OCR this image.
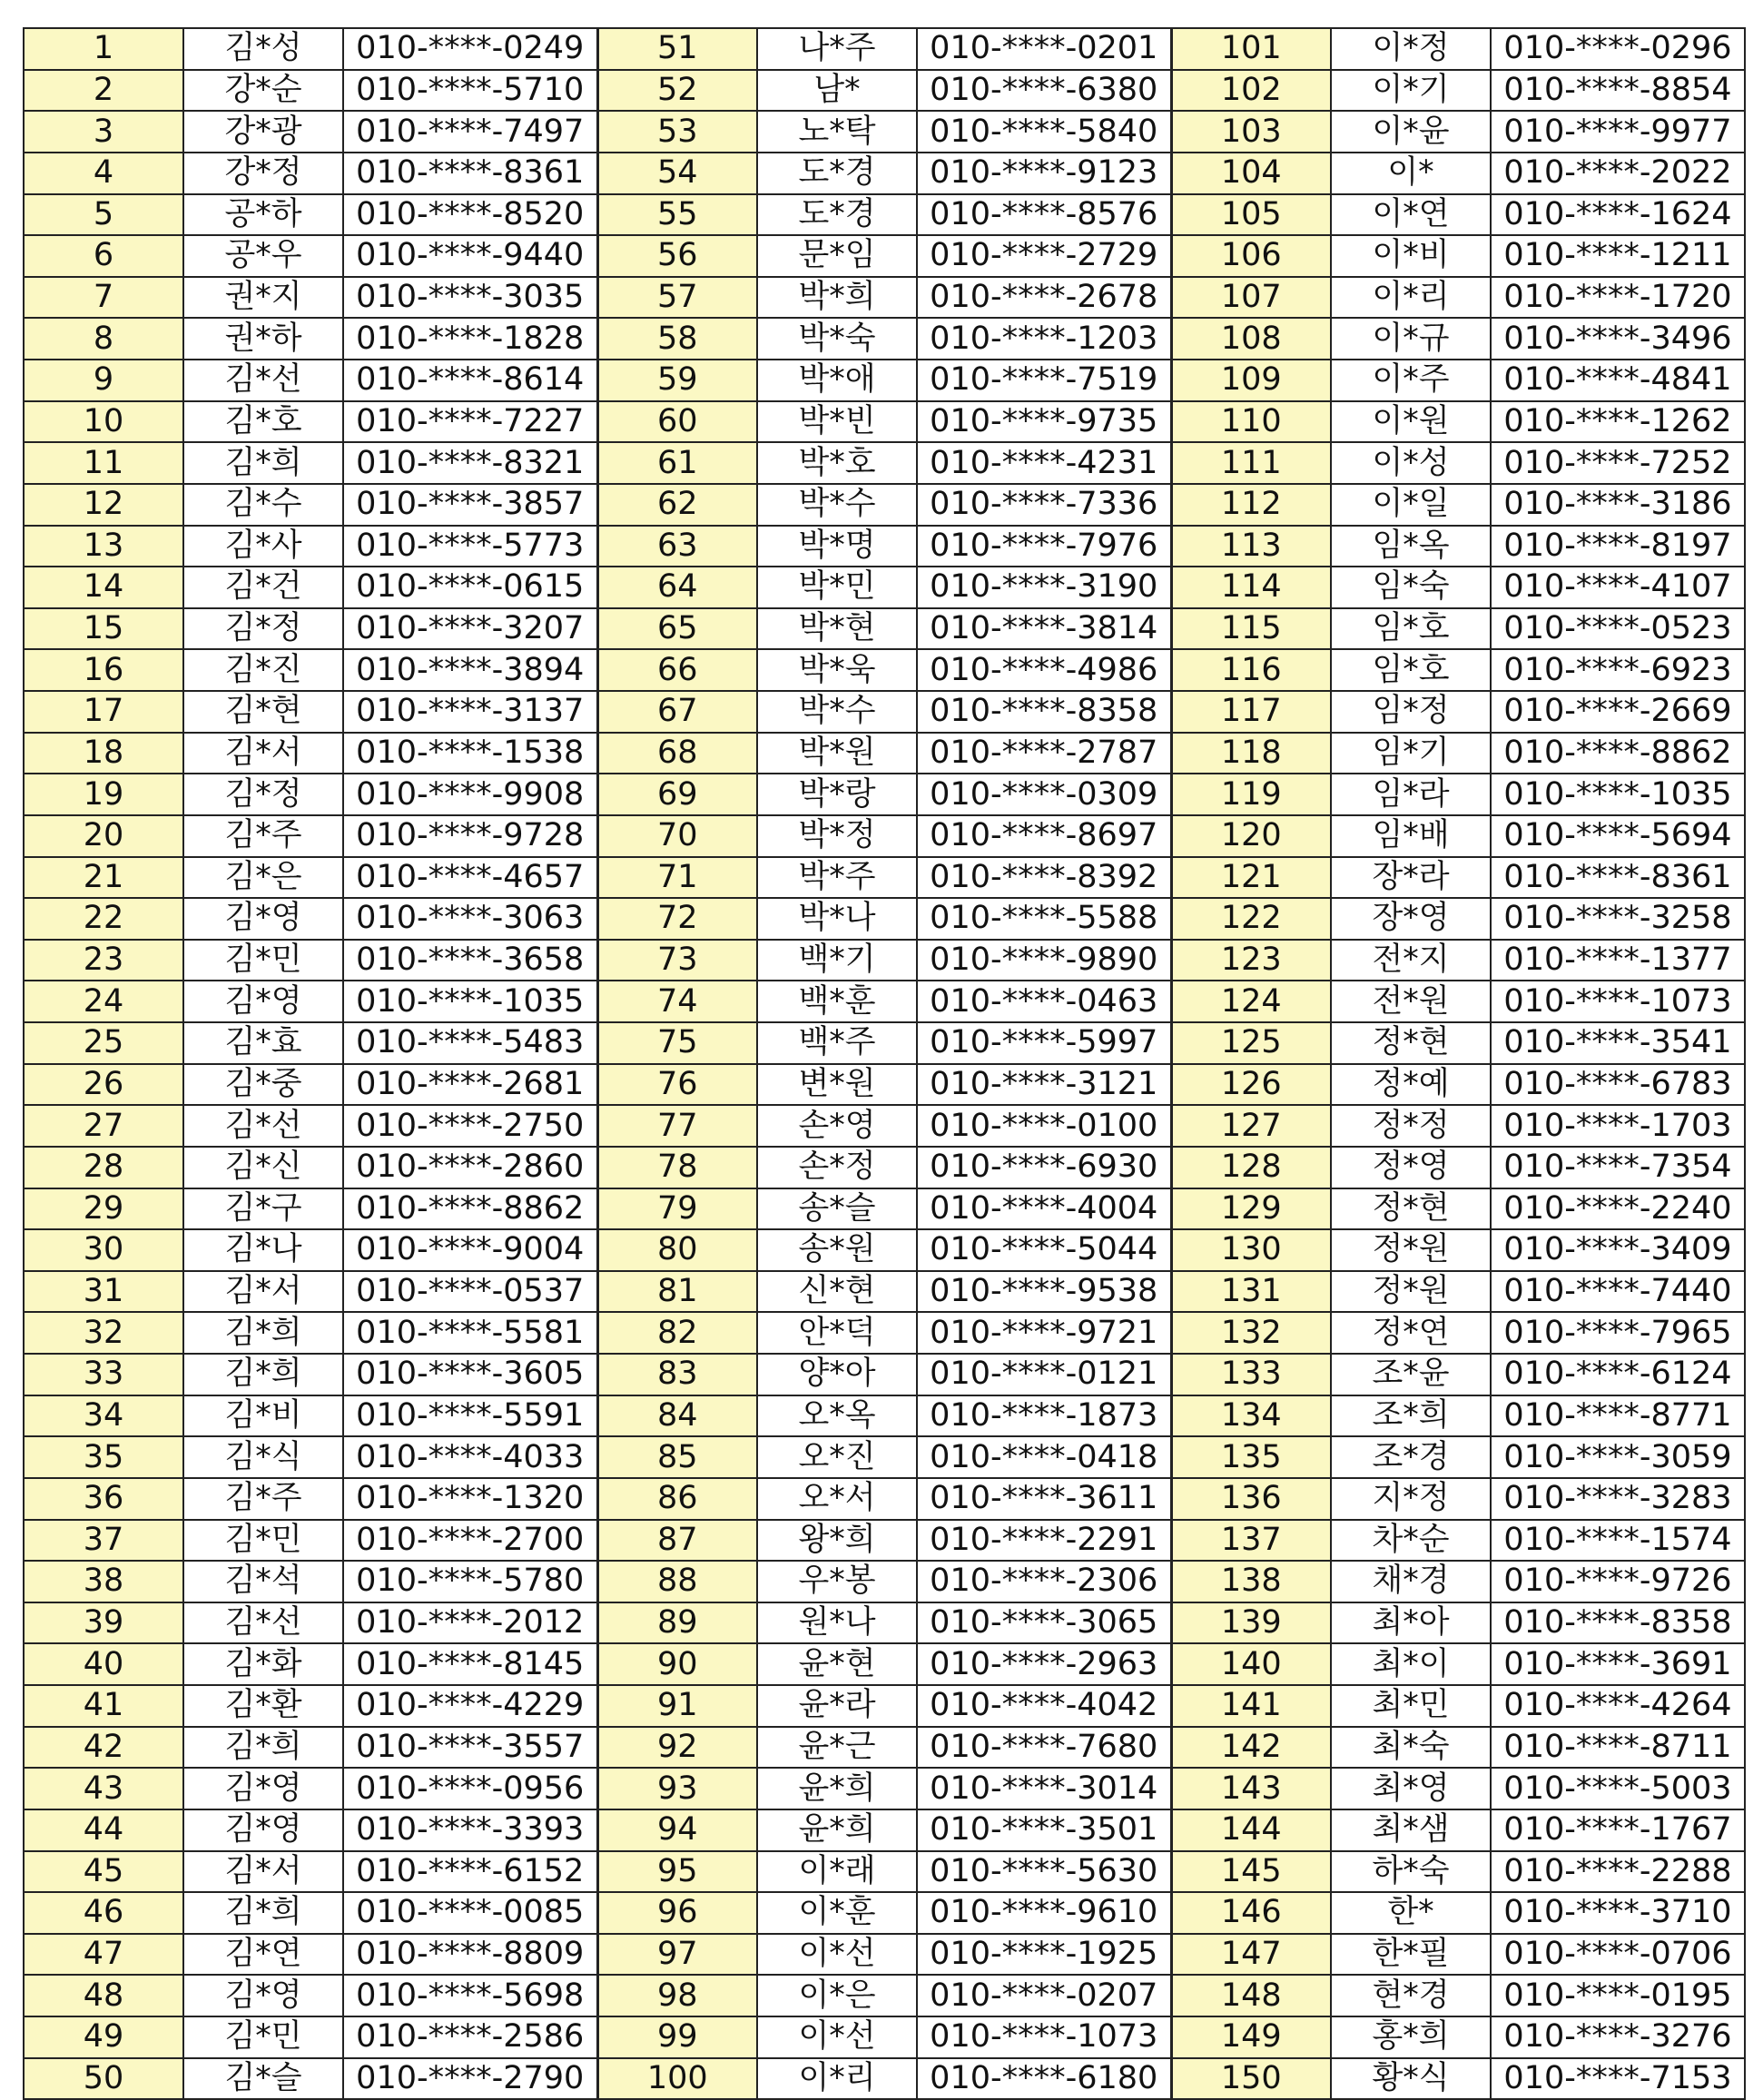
1	김*성	010-****-0249	51	나*주	010-****-0201	101	이*정	010-****-0296
2	강*순	010-****-5710	52	남*	010-****-6380	102	이*기	010-****-8854
3	강*광	010-****-7497	53	노*탁	010-****-5840	103	이*윤	010-****-9977
4	강*정	010-****-8361	54	도*경	010-****-9123	104	이*	010-****-2022
5	공*하	010-****-8520	55	도*경	010-****-8576	105	이*연	010-****-1624
6	공*우	010-****-9440	56	문*임	010-****-2729	106	이*비	010-****-1211
7	권*지	010-****-3035	57	박*희	010-****-2678	107	이*리	010-****-1720
8	권*하	010-****-1828	58	박*숙	010-****-1203	108	이*규	010-****-3496
9	김*선	010-****-8614	59	박*애	010-****-7519	109	이*주	010-****-4841
10	김*호	010-****-7227	60	박*빈	010-****-9735	110	이*원	010-****-1262
11	김*희	010-****-8321	61	박*호	010-****-4231	111	이*성	010-****-7252
12	김*수	010-****-3857	62	박*수	010-****-7336	112	이*일	010-****-3186
13	김*사	010-****-5773	63	박*명	010-****-7976	113	임*옥	010-****-8197
14	김*건	010-****-0615	64	박*민	010-****-3190	114	임*숙	010-****-4107
15	김*정	010-****-3207	65	박*현	010-****-3814	115	임*호	010-****-0523
16	김*진	010-****-3894	66	박*욱	010-****-4986	116	임*호	010-****-6923
17	김*현	010-****-3137	67	박*수	010-****-8358	117	임*정	010-****-2669
18	김*서	010-****-1538	68	박*원	010-****-2787	118	임*기	010-****-8862
19	김*정	010-****-9908	69	박*랑	010-****-0309	119	임*라	010-****-1035
20	김*주	010-****-9728	70	박*정	010-****-8697	120	임*배	010-****-5694
21	김*은	010-****-4657	71	박*주	010-****-8392	121	장*라	010-****-8361
22	김*영	010-****-3063	72	박*나	010-****-5588	122	장*영	010-****-3258
23	김*민	010-****-3658	73	백*기	010-****-9890	123	전*지	010-****-1377
24	김*영	010-****-1035	74	백*훈	010-****-0463	124	전*원	010-****-1073
25	김*효	010-****-5483	75	백*주	010-****-5997	125	정*현	010-****-3541
26	김*중	010-****-2681	76	변*원	010-****-3121	126	정*예	010-****-6783
27	김*선	010-****-2750	77	손*영	010-****-0100	127	정*정	010-****-1703
28	김*신	010-****-2860	78	손*정	010-****-6930	128	정*영	010-****-7354
29	김*구	010-****-8862	79	송*슬	010-****-4004	129	정*현	010-****-2240
30	김*나	010-****-9004	80	송*원	010-****-5044	130	정*원	010-****-3409
31	김*서	010-****-0537	81	신*현	010-****-9538	131	정*원	010-****-7440
32	김*희	010-****-5581	82	안*덕	010-****-9721	132	정*연	010-****-7965
33	김*희	010-****-3605	83	양*아	010-****-0121	133	조*윤	010-****-6124
34	김*비	010-****-5591	84	오*옥	010-****-1873	134	조*희	010-****-8771
35	김*식	010-****-4033	85	오*진	010-****-0418	135	조*경	010-****-3059
36	김*주	010-****-1320	86	오*서	010-****-3611	136	지*정	010-****-3283
37	김*민	010-****-2700	87	왕*희	010-****-2291	137	차*순	010-****-1574
38	김*석	010-****-5780	88	우*봉	010-****-2306	138	채*경	010-****-9726
39	김*선	010-****-2012	89	원*나	010-****-3065	139	최*아	010-****-8358
40	김*화	010-****-8145	90	윤*현	010-****-2963	140	최*이	010-****-3691
41	김*환	010-****-4229	91	윤*라	010-****-4042	141	최*민	010-****-4264
42	김*희	010-****-3557	92	윤*근	010-****-7680	142	최*숙	010-****-8711
43	김*영	010-****-0956	93	윤*희	010-****-3014	143	최*영	010-****-5003
44	김*영	010-****-3393	94	윤*희	010-****-3501	144	최*샘	010-****-1767
45	김*서	010-****-6152	95	이*래	010-****-5630	145	하*숙	010-****-2288
46	김*희	010-****-0085	96	이*훈	010-****-9610	146	한*	010-****-3710
47	김*연	010-****-8809	97	이*선	010-****-1925	147	한*필	010-****-0706
48	김*영	010-****-5698	98	이*은	010-****-0207	148	현*경	010-****-0195
49	김*민	010-****-2586	99	이*선	010-****-1073	149	홍*희	010-****-3276
50	김*슬	010-****-2790	100	이*리	010-****-6180	150	황*식	010-****-7153
